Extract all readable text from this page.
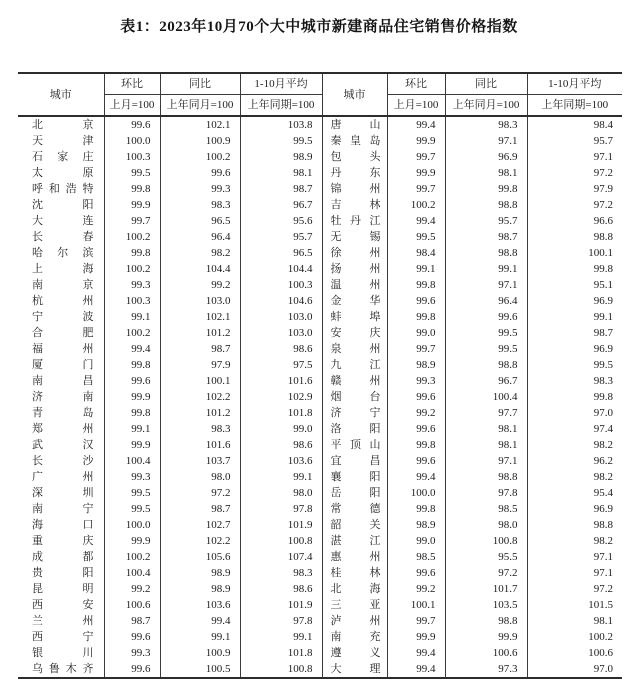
表1：2023年10月70个大中城市新建商品住宅销售价格指数
城市	环比	同比	1-10月平均	城市	环比	同比	1-10月平均
	上月=100	上年同月=100	上年同期=100		上月=100	上年同月=100	上年同期=100
北京	99.6	102.1	103.8	唐山	99.4	98.3	98.4
天津	100.0	100.9	99.5	秦皇岛	99.9	97.1	95.7
石家庄	100.3	100.2	98.9	包头	99.7	96.9	97.1
太原	99.5	99.6	98.1	丹东	99.9	98.1	97.2
呼和浩特	99.8	99.3	98.7	锦州	99.7	99.8	97.9
沈阳	99.9	98.3	96.7	吉林	100.2	98.8	97.2
大连	99.7	96.5	95.6	牡丹江	99.4	95.7	96.6
长春	100.2	96.4	95.7	无锡	99.5	98.7	98.8
哈尔滨	99.8	98.2	96.5	徐州	98.4	98.8	100.1
上海	100.2	104.4	104.4	扬州	99.1	99.1	99.8
南京	99.3	99.2	100.3	温州	99.8	97.1	95.1
杭州	100.3	103.0	104.6	金华	99.6	96.4	96.9
宁波	99.1	102.1	103.0	蚌埠	99.8	99.6	99.1
合肥	100.2	101.2	103.0	安庆	99.0	99.5	98.7
福州	99.4	98.7	98.6	泉州	99.7	99.5	96.9
厦门	99.8	97.9	97.5	九江	98.9	98.8	99.5
南昌	99.6	100.1	101.6	赣州	99.3	96.7	98.3
济南	99.9	102.2	102.9	烟台	99.6	100.4	99.8
青岛	99.8	101.2	101.8	济宁	99.2	97.7	97.0
郑州	99.1	98.3	99.0	洛阳	99.6	98.1	97.4
武汉	99.9	101.6	98.6	平顶山	99.8	98.1	98.2
长沙	100.4	103.7	103.6	宜昌	99.6	97.1	96.2
广州	99.3	98.0	99.1	襄阳	99.4	98.8	98.2
深圳	99.5	97.2	98.0	岳阳	100.0	97.8	95.4
南宁	99.5	98.7	97.8	常德	99.8	98.5	96.9
海口	100.0	102.7	101.9	韶关	98.9	98.0	98.8
重庆	99.9	102.2	100.8	湛江	99.0	100.8	98.2
成都	100.2	105.6	107.4	惠州	98.5	95.5	97.1
贵阳	100.4	98.9	98.3	桂林	99.6	97.2	97.1
昆明	99.2	98.9	98.6	北海	99.2	101.7	97.2
西安	100.6	103.6	101.9	三亚	100.1	103.5	101.5
兰州	98.7	99.4	97.8	泸州	99.7	98.8	98.1
西宁	99.6	99.1	99.1	南充	99.9	99.9	100.2
银川	99.3	100.9	101.8	遵义	99.4	100.6	100.6
乌鲁木齐	99.6	100.5	100.8	大理	99.4	97.3	97.0
